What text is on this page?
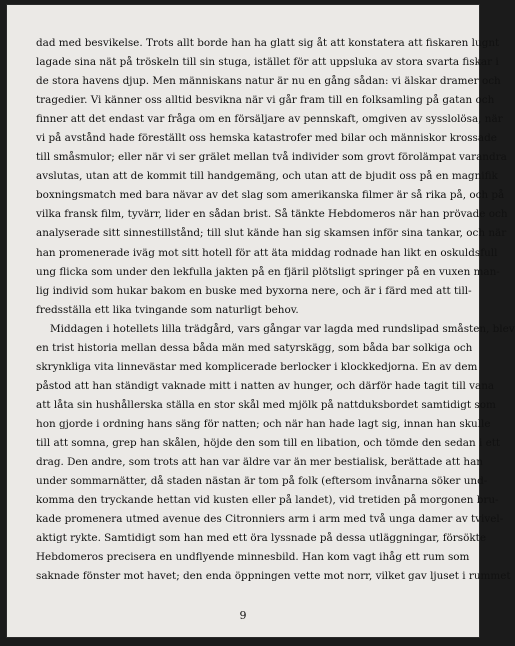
dad med besvikelse. Trots allt borde han ha glatt sig åt att konstatera att fiskaren lugnt
lagade sina nät på tröskeln till sin stuga, istället för att uppsluka av stora svarta fiskar i
de stora havens djup. Men människans natur är nu en gång sådan: vi älskar dramer och
tragedier. Vi känner oss alltid besvikna när vi går fram till en folksamling på gatan och
finner att det endast var fråga om en försäljare av pennskaft, omgiven av sysslolösa, när
vi på avstånd hade föreställt oss hemska katastrofer med bilar och människor krossade
till småsmulor; eller när vi ser grälet mellan två individer som grovt förolämpat varandra
avslutas, utan att de kommit till handgemäng, och utan att de bjudit oss på en magnifik
boxningsmatch med bara nävar av det slag som amerikanska filmer är så rika på, och på
vilka fransk film, tyvärr, lider en sådan brist. Så tänkte Hebdomeros när han prövade och
analyserade sitt sinnestillstånd; till slut kände han sig skamsen inför sina tankar, och när
han promenerade iväg mot sitt hotell för att äta middag rodnade han likt en oskuldsfull
ung flicka som under den lekfulla jakten på en fjäril plötsligt springer på en vuxen man-
lig individ som hukar bakom en buske med byxorna nere, och är i färd med att till-
fredsställa ett lika tvingande som naturligt behov.
Middagen i hotellets lilla trädgård, vars gångar var lagda med rundslipad småsten, blev
en trist historia mellan dessa båda män med satyrskägg, som båda bar solkiga och
skrynkliga vita linnevästar med komplicerade berlocker i klockkedjorna. En av dem
påstod att han ständigt vaknade mitt i natten av hunger, och därför hade tagit till vana
att låta sin hushållerska ställa en stor skål med mjölk på nattduksbordet samtidigt som
hon gjorde i ordning hans säng för natten; och när han hade lagt sig, innan han skulle
till att somna, grep han skålen, höjde den som till en libation, och tömde den sedan i ett
drag. Den andre, som trots att han var äldre var än mer bestialisk, berättade att han
under sommarnätter, då staden nästan är tom på folk (eftersom invånarna söker und-
komma den tryckande hettan vid kusten eller på landet), vid tretiden på morgonen bru-
kade promenera utmed avenue des Citronniers arm i arm med två unga damer av tvivel-
aktigt rykte. Samtidigt som han med ett öra lyssnade på dessa utläggningar, försökte
Hebdomeros precisera en undflyende minnesbild. Han kom vagt ihåg ett rum som
saknade fönster mot havet; den enda öppningen vette mot norr, vilket gav ljuset i rummet
9
